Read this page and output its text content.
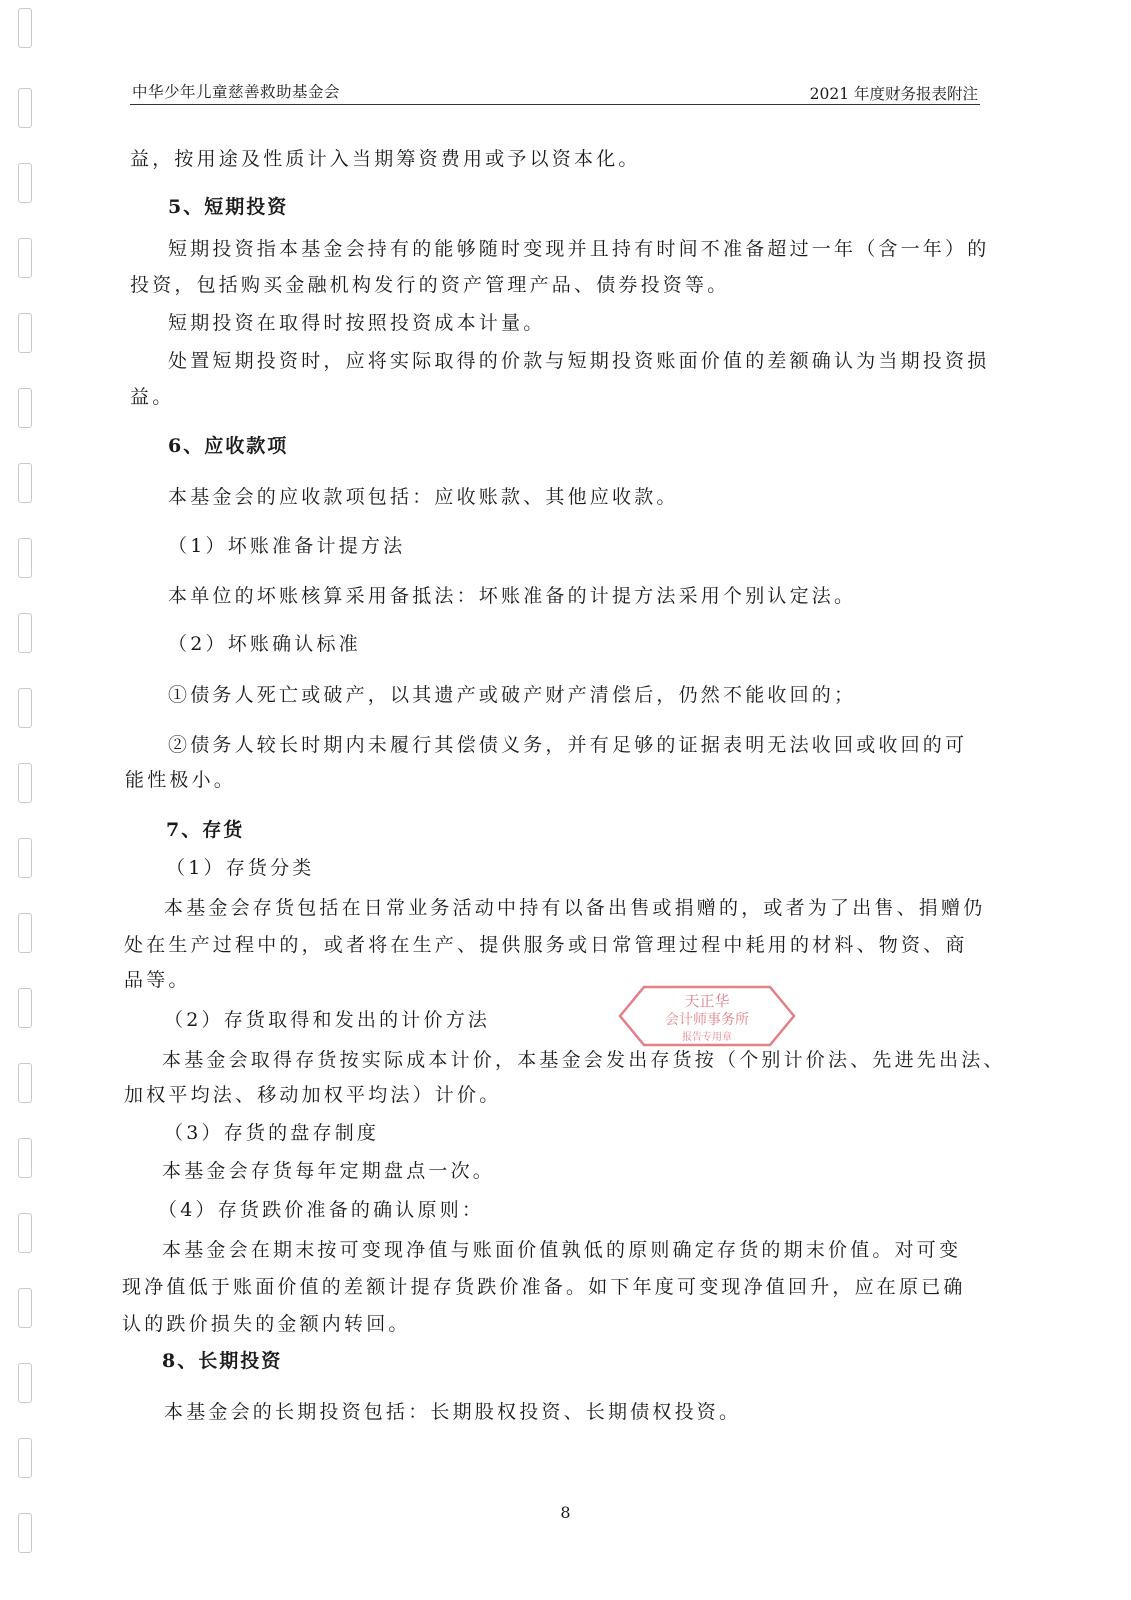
中华少年儿童慈善救助基金会	2021 年度财务报表附注
益，按用途及性质计入当期筹资费用或予以资本化。
5、短期投资
短期投资指本基金会持有的能够随时变现并且持有时间不准备超过一年（含一年）的
投资，包括购买金融机构发行的资产管理产品、债券投资等。
短期投资在取得时按照投资成本计量。
处置短期投资时，应将实际取得的价款与短期投资账面价值的差额确认为当期投资损
益。
6、应收款项
本基金会的应收款项包括：应收账款、其他应收款。
（1）坏账准备计提方法
本单位的坏账核算采用备抵法：坏账准备的计提方法采用个别认定法。
（2）坏账确认标准
①债务人死亡或破产，以其遗产或破产财产清偿后，仍然不能收回的；
②债务人较长时期内未履行其偿债义务，并有足够的证据表明无法收回或收回的可
能性极小。
7、存货
（1）存货分类
本基金会存货包括在日常业务活动中持有以备出售或捐赠的，或者为了出售、捐赠仍
处在生产过程中的，或者将在生产、提供服务或日常管理过程中耗用的材料、物资、商
品等。
（2）存货取得和发出的计价方法
本基金会取得存货按实际成本计价，本基金会发出存货按（个别计价法、先进先出法、
加权平均法、移动加权平均法）计价。
（3）存货的盘存制度
本基金会存货每年定期盘点一次。
（4）存货跌价准备的确认原则：
本基金会在期末按可变现净值与账面价值孰低的原则确定存货的期末价值。对可变
现净值低于账面价值的差额计提存货跌价准备。如下年度可变现净值回升，应在原已确
认的跌价损失的金额内转回。
8、长期投资
本基金会的长期投资包括：长期股权投资、长期债权投资。
天正华
会计师事务所
报告专用章
8
